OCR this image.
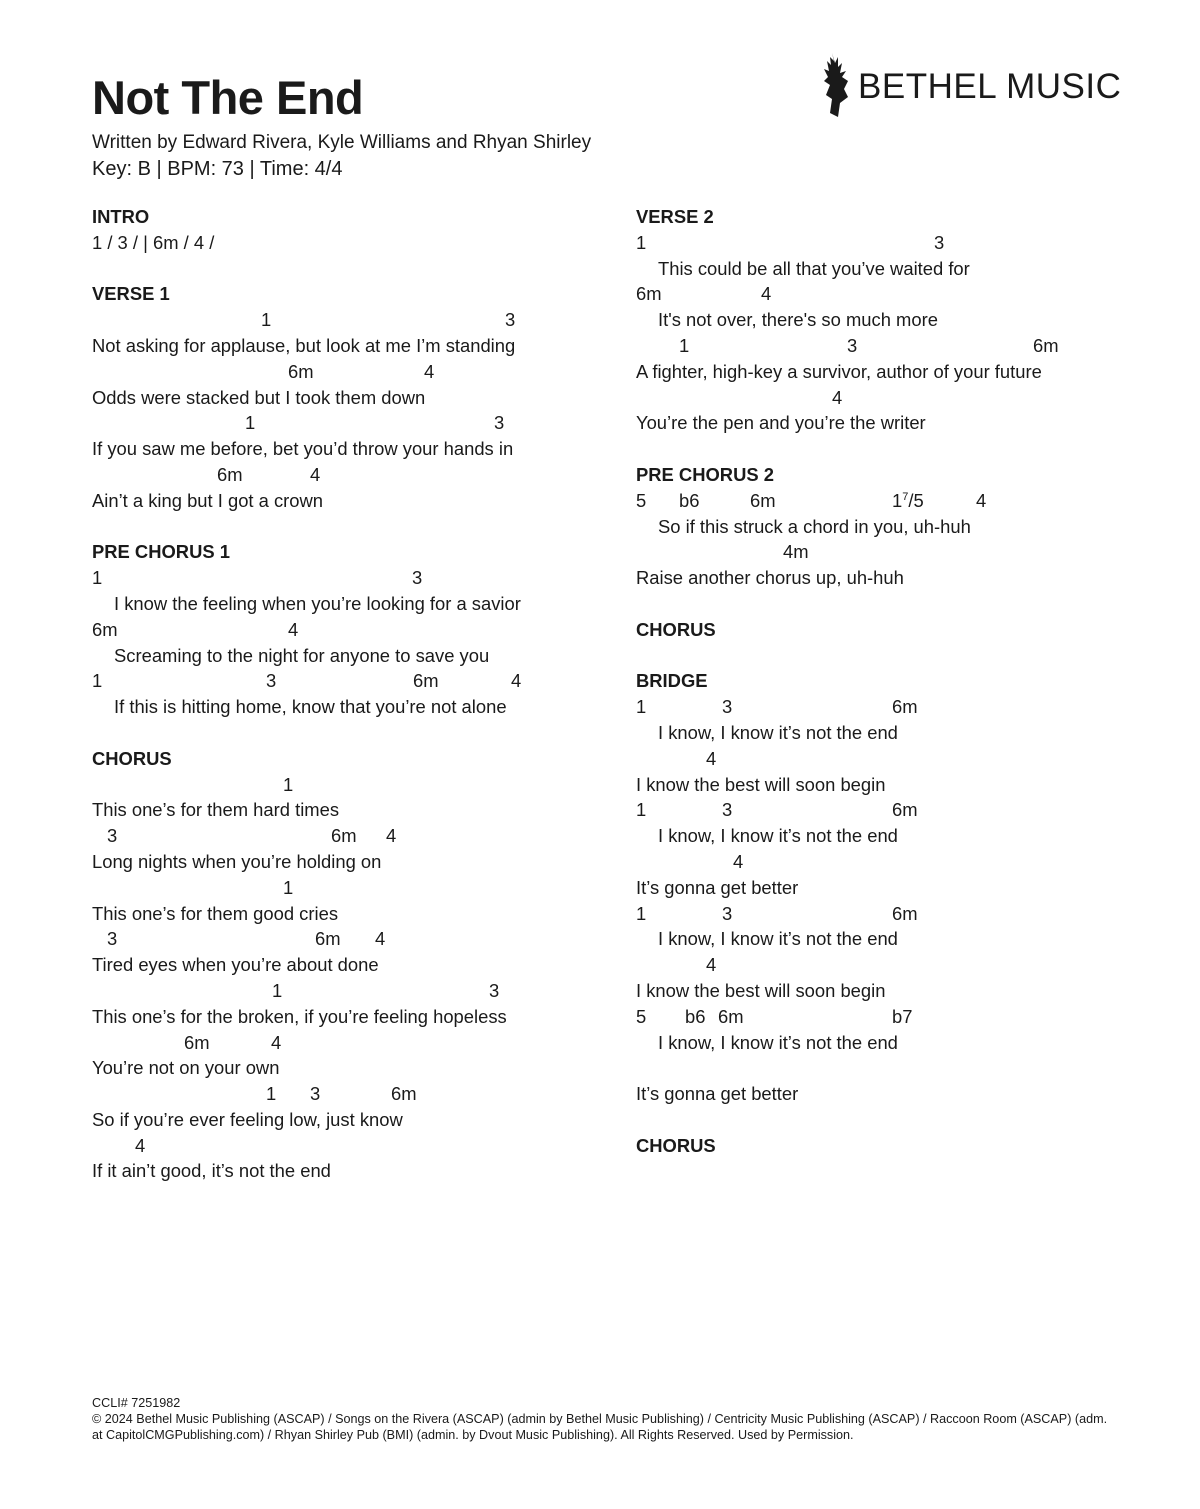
Not The End
Written by Edward Rivera, Kyle Williams and Rhyan Shirley
Key: B | BPM: 73 | Time: 4/4
BETHEL MUSIC
INTRO
1 / 3 / | 6m / 4 /
VERSE 1

1

	3

Not asking for applause, but look at me I’m standing

6m

	4

Odds were stacked but I took them down

1

	3

If you saw me before, bet you’d throw your hands in

6m

	4

Ain’t a king but I got a crown
PRE CHORUS 1

1

	3

I know the feeling when you’re looking for a savior

6m

	4

Screaming to the night for anyone to save you

1

	3

	6m

	4

If this is hitting home, know that you’re not alone
CHORUS

1

This one’s for them hard times

3

	6m

4

Long nights when you’re holding on

1

This one’s for them good cries

3

	6m

4

Tired eyes when you’re about done

1

	3

This one’s for the broken, if you’re feeling hopeless

6m

	4

You’re not on your own

1

3

	6m

So if you’re ever feeling low, just know

4

If it ain’t good, it’s not the end
VERSE 2

1

	3

This could be all that you’ve waited for

6m

	4

It's not over, there's so much more

1

	3

	6m

A fighter, high-key a survivor, author of your future

4

You’re the pen and you’re the writer
PRE CHORUS 2

5

b6

	6m

	$1^7/5$

	4

So if this struck a chord in you, uh-huh

4m

Raise another chorus up, uh-huh
CHORUS
BRIDGE

1

	3

	6m

I know, I know it’s not the end

4

I know the best will soon begin

1

	3

	6m

I know, I know it’s not the end

4

It’s gonna get better

1

	3

	6m

I know, I know it’s not the end

4

I know the best will soon begin

5

b6

6m

	b7

I know, I know it’s not the end
It’s gonna get better
CHORUS
CCLI# 7251982
© 2024 Bethel Music Publishing (ASCAP) / Songs on the Rivera (ASCAP) (admin by Bethel Music Publishing) / Centricity Music Publishing (ASCAP) / Raccoon Room (ASCAP) (adm. at CapitolCMGPublishing.com) / Rhyan Shirley Pub (BMI) (admin. by Dvout Music Publishing). All Rights Reserved. Used by Permission.
